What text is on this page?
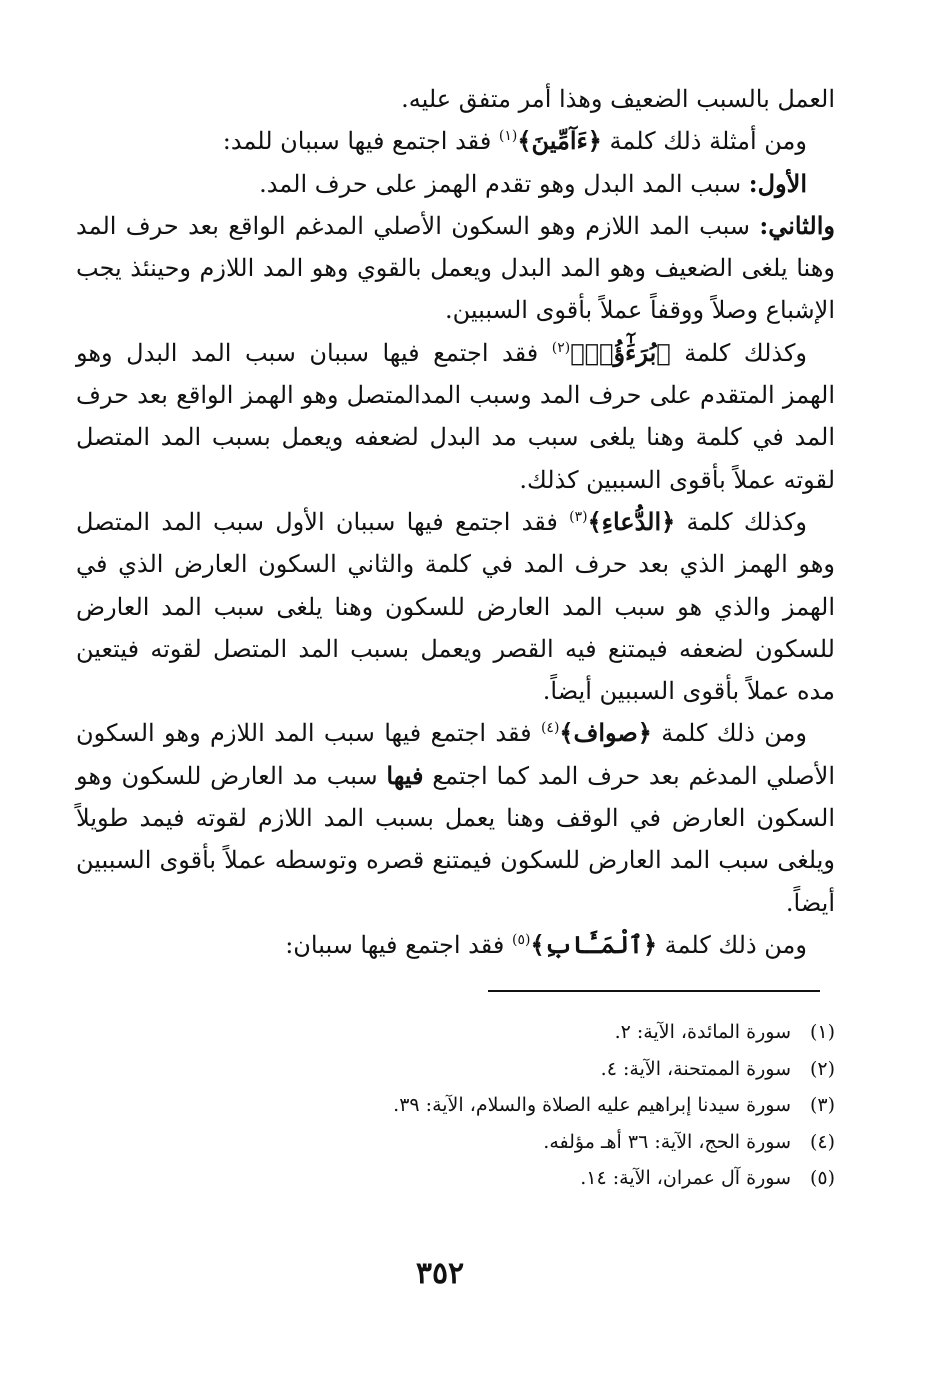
العمل بالسبب الضعيف وهذا أمر متفق عليه.

ومن أمثلة ذلك كلمة ﴿ءَآمِّينَ﴾$^{(١)}$ فقد اجتمع فيها سببان للمد:

الأول: سبب المد البدل وهو تقدم الهمز على حرف المد.

والثاني: سبب المد اللازم وهو السكون الأصلي المدغم الواقع بعد حرف المد وهنا يلغى الضعيف وهو المد البدل ويعمل بالقوي وهو المد اللازم وحينئذ يجب الإشباع وصلاً ووقفاً عملاً بأقوى السببين.

وكذلك كلمة ﴿بُرَءَٰٓؤُا۟﴾$^{(٢)}$ فقد اجتمع فيها سببان سبب المد البدل وهو الهمز المتقدم على حرف المد وسبب المدالمتصل وهو الهمز الواقع بعد حرف المد في كلمة وهنا يلغى سبب مد البدل لضعفه ويعمل بسبب المد المتصل لقوته عملاً بأقوى السببين كذلك.

وكذلك كلمة ﴿الدُّعاءِ﴾$^{(٣)}$ فقد اجتمع فيها سببان الأول سبب المد المتصل وهو الهمز الذي بعد حرف المد في كلمة والثاني السكون العارض الذي في الهمز والذي هو سبب المد العارض للسكون وهنا يلغى سبب المد العارض للسكون لضعفه فيمتنع فيه القصر ويعمل بسبب المد المتصل لقوته فيتعين مده عملاً بأقوى السببين أيضاً.

ومن ذلك كلمة ﴿صواف﴾$^{(٤)}$ فقد اجتمع فيها سبب المد اللازم وهو السكون الأصلي المدغم بعد حرف المد كما اجتمع فيها سبب مد العارض للسكون وهو السكون العارض في الوقف وهنا يعمل بسبب المد اللازم لقوته فيمد طويلاً ويلغى سبب المد العارض للسكون فيمتنع قصره وتوسطه عملاً بأقوى السببين أيضاً.

ومن ذلك كلمة ﴿ٱلْمَـَٔابِ﴾$^{(٥)}$ فقد اجتمع فيها سببان:

(١)سورة المائدة، الآية: ٢.
(٢)سورة الممتحنة، الآية: ٤.
(٣)سورة سيدنا إبراهيم عليه الصلاة والسلام، الآية: ٣٩.
(٤)سورة الحج، الآية: ٣٦ أهـ مؤلفه.
(٥)سورة آل عمران، الآية: ١٤.
٣٥٢
